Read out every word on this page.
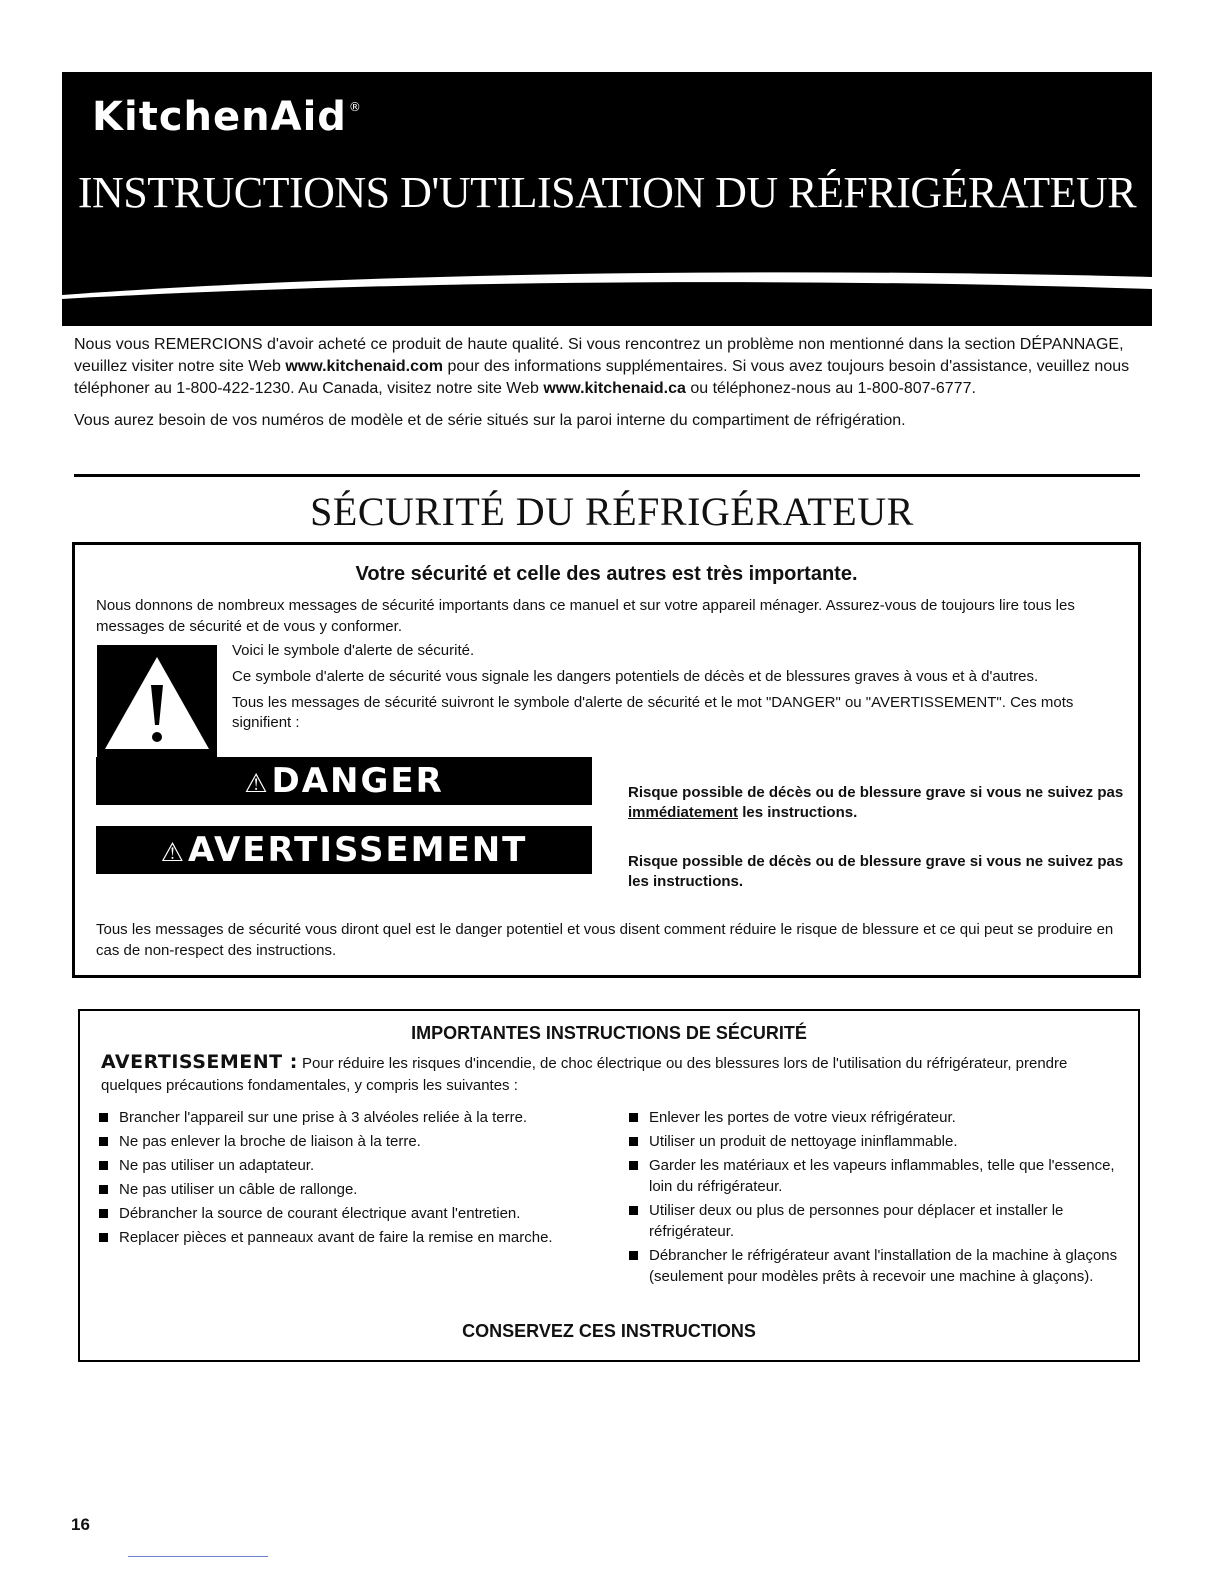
KitchenAid ®
INSTRUCTIONS D'UTILISATION DU RÉFRIGÉRATEUR

Nous vous REMERCIONS d'avoir acheté ce produit de haute qualité. Si vous rencontrez un problème non mentionné dans la section DÉPANNAGE, veuillez visiter notre site Web www.kitchenaid.com pour des informations supplémentaires. Si vous avez toujours besoin d'assistance, veuillez nous téléphoner au 1-800-422-1230. Au Canada, visitez notre site Web www.kitchenaid.ca ou téléphonez-nous au 1-800-807-6777.

Vous aurez besoin de vos numéros de modèle et de série situés sur la paroi interne du compartiment de réfrigération.

SÉCURITÉ DU RÉFRIGÉRATEUR
Votre sécurité et celle des autres est très importante.
Nous donnons de nombreux messages de sécurité importants dans ce manuel et sur votre appareil ménager. Assurez-vous de toujours lire tous les messages de sécurité et de vous y conformer.

Voici le symbole d'alerte de sécurité.

Ce symbole d'alerte de sécurité vous signale les dangers potentiels de décès et de blessures graves à vous et à d'autres.

Tous les messages de sécurité suivront le symbole d'alerte de sécurité et le mot "DANGER" ou "AVERTISSEMENT". Ces mots signifient :

⚠DANGER	Risque possible de décès ou de blessure grave si vous ne suivez pas immédiatement les instructions.
⚠AVERTISSEMENT	Risque possible de décès ou de blessure grave si vous ne suivez pas les instructions.
Tous les messages de sécurité vous diront quel est le danger potentiel et vous disent comment réduire le risque de blessure et ce qui peut se produire en cas de non-respect des instructions.
IMPORTANTES INSTRUCTIONS DE SÉCURITÉ
AVERTISSEMENT : Pour réduire les risques d'incendie, de choc électrique ou des blessures lors de l'utilisation du réfrigérateur, prendre quelques précautions fondamentales, y compris les suivantes :
Brancher l'appareil sur une prise à 3 alvéoles reliée à la terre.
Ne pas enlever la broche de liaison à la terre.
Ne pas utiliser un adaptateur.
Ne pas utiliser un câble de rallonge.
Débrancher la source de courant électrique avant l'entretien.
Replacer pièces et panneaux avant de faire la remise en marche.
Enlever les portes de votre vieux réfrigérateur.
Utiliser un produit de nettoyage ininflammable.
Garder les matériaux et les vapeurs inflammables, telle que l'essence, loin du réfrigérateur.
Utiliser deux ou plus de personnes pour déplacer et installer le réfrigérateur.
Débrancher le réfrigérateur avant l'installation de la machine à glaçons (seulement pour modèles prêts à recevoir une machine à glaçons).
CONSERVEZ CES INSTRUCTIONS
16
